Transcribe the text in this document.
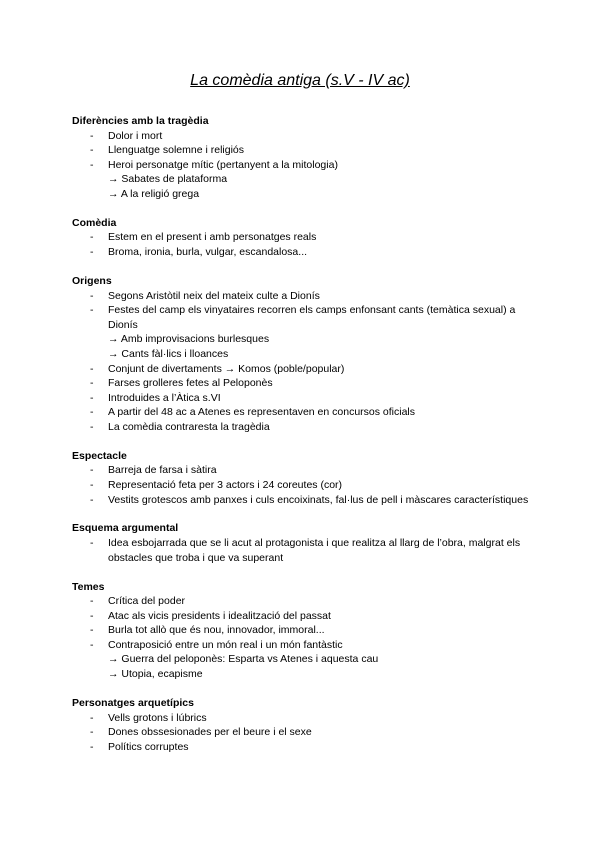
La comèdia antiga (s.V - IV ac)
Diferències amb la tragèdia
- Dolor i mort
- Llenguatge solemne i religiós
- Heroi personatge mític (pertanyent a la mitologia)
→ Sabates de plataforma
→ A la religió grega
Comèdia
- Estem en el present i amb personatges reals
- Broma, ironia, burla, vulgar, escandalosa...
Origens
- Segons Aristòtil neix del mateix culte a Dionís
- Festes del camp els vinyataires recorren els camps enfonsant cants (temàtica sexual) a Dionís
→ Amb improvisacions burlesques
→ Cants fàl·lics i lloances
- Conjunt de divertaments → Komos (poble/popular)
- Farses grolleres fetes al Peloponès
- Introduides a l’Àtica s.VI
- A partir del 48 ac a Atenes es representaven en concursos oficials
- La comèdia contraresta la tragèdia
Espectacle
- Barreja de farsa i sàtira
- Representació feta per 3 actors i 24 coreutes (cor)
- Vestits grotescos amb panxes i culs encoixinats, fal·lus de pell i màscares característiques
Esquema argumental
- Idea esbojarrada que se li acut al protagonista i que realitza al llarg de l’obra, malgrat els obstacles que troba i que va superant
Temes
- Crítica del poder
- Atac als vicis presidents i idealització del passat
- Burla tot allò que és nou, innovador, immoral...
- Contraposició entre un món real i un món fantàstic
→ Guerra del peloponès: Esparta vs Atenes i aquesta cau
→ Utopia, ecapisme
Personatges arquetípics
- Vells grotons i lúbrics
- Dones obssesionades per el beure i el sexe
- Polítics corruptes
